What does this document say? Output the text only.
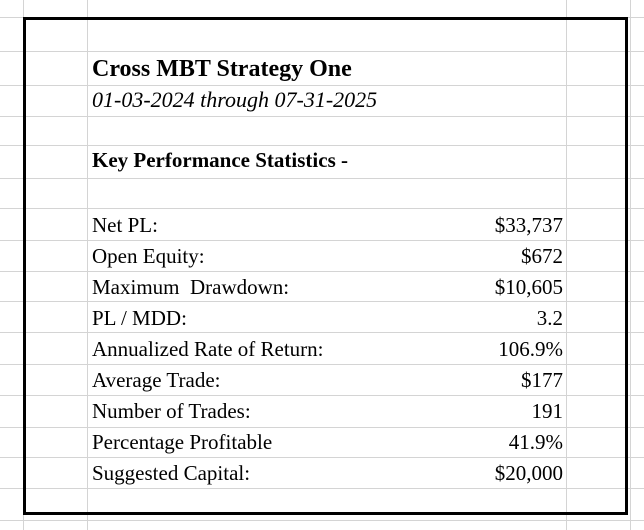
Cross MBT Strategy One
01-03-2024 through 07-31-2025
Key Performance Statistics -
Net PL:	$33,737
Open Equity:	$672
Maximum  Drawdown:	$10,605
PL / MDD:	3.2
Annualized Rate of Return:	106.9%
Average Trade:	$177
Number of Trades:	191
Percentage Profitable	41.9%
Suggested Capital:	$20,000
